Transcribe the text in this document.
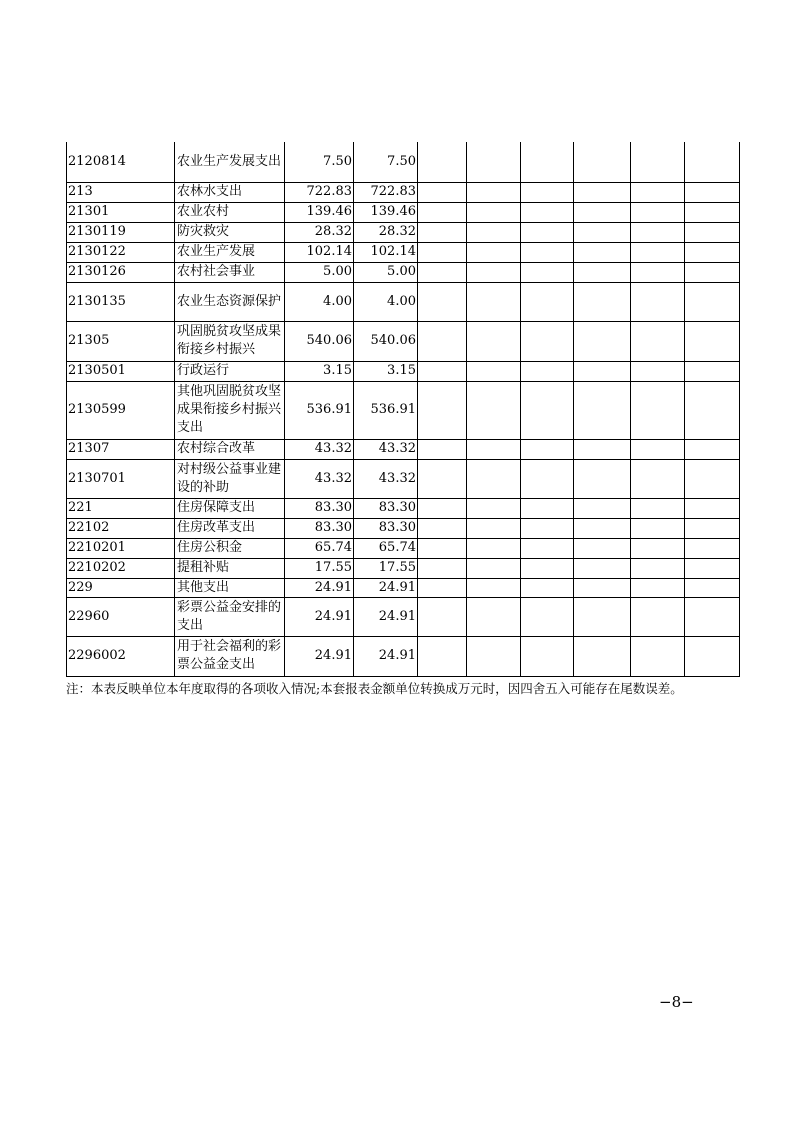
2120814	农业生产发展支出	7.50	7.50						
213	农林水支出	722.83	722.83						
21301	农业农村	139.46	139.46						
2130119	防灾救灾	28.32	28.32						
2130122	农业生产发展	102.14	102.14						
2130126	农村社会事业	5.00	5.00						
2130135	农业生态资源保护	4.00	4.00						
21305	巩固脱贫攻坚成果衔接乡村振兴	540.06	540.06						
2130501	行政运行	3.15	3.15						
2130599	其他巩固脱贫攻坚成果衔接乡村振兴支出	536.91	536.91						
21307	农村综合改革	43.32	43.32						
2130701	对村级公益事业建设的补助	43.32	43.32						
221	住房保障支出	83.30	83.30						
22102	住房改革支出	83.30	83.30						
2210201	住房公积金	65.74	65.74						
2210202	提租补贴	17.55	17.55						
229	其他支出	24.91	24.91						
22960	彩票公益金安排的支出	24.91	24.91						
2296002	用于社会福利的彩票公益金支出	24.91	24.91						
注：本表反映单位本年度取得的各项收入情况;本套报表金额单位转换成万元时，因四舍五入可能存在尾数误差。
−8−
